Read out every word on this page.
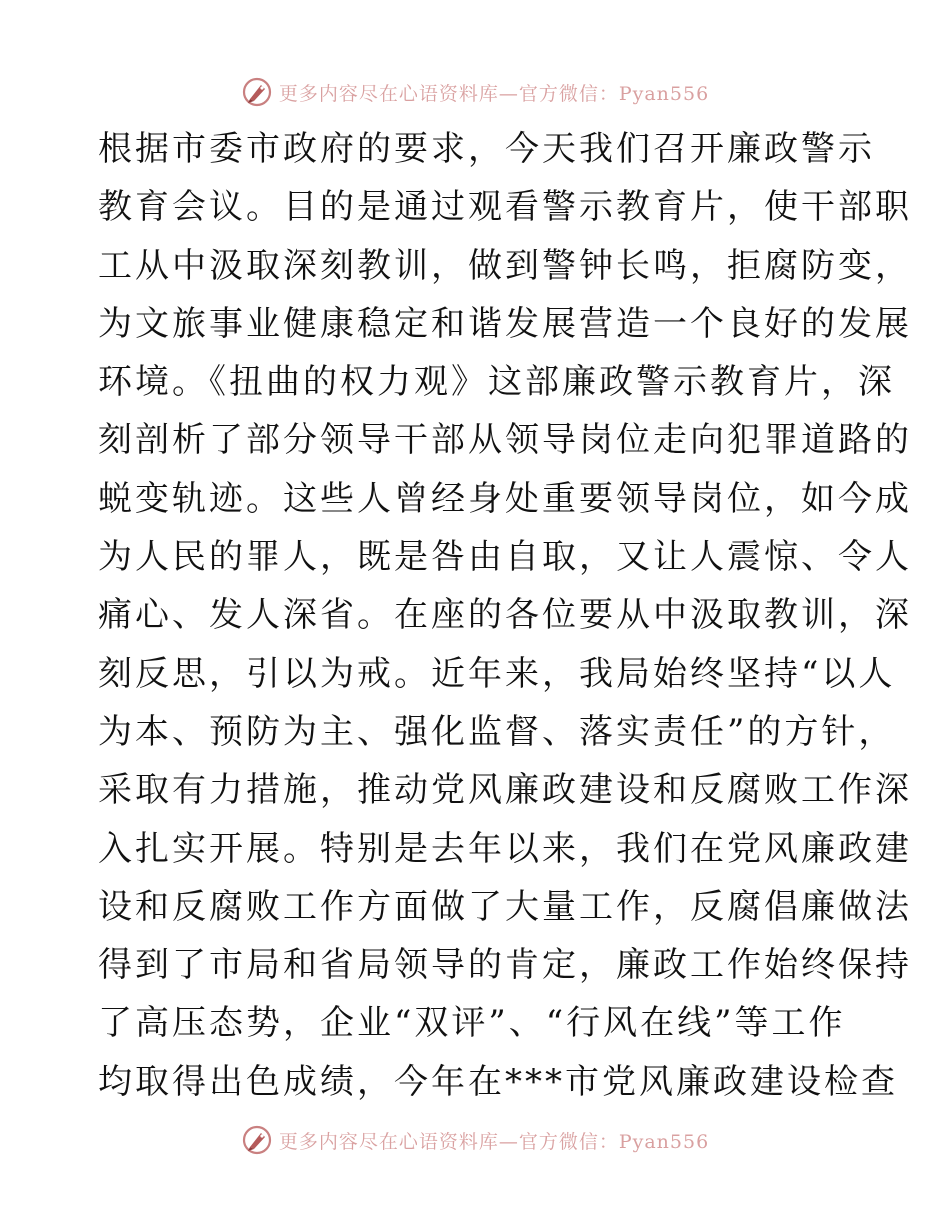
更多内容尽在心语资料库—官方微信：Pyan556
根据市委市政府的要求，今天我们召开廉政警示
教育会议。目的是通过观看警示教育片，使干部职
工从中汲取深刻教训，做到警钟长鸣，拒腐防变，
为文旅事业健康稳定和谐发展营造一个良好的发展
环境。《扭曲的权力观》这部廉政警示教育片，深
刻剖析了部分领导干部从领导岗位走向犯罪道路的
蜕变轨迹。这些人曾经身处重要领导岗位，如今成
为人民的罪人，既是咎由自取，又让人震惊、令人
痛心、发人深省。在座的各位要从中汲取教训，深
刻反思，引以为戒。近年来，我局始终坚持“以人
为本、预防为主、强化监督、落实责任”的方针，
采取有力措施，推动党风廉政建设和反腐败工作深
入扎实开展。特别是去年以来，我们在党风廉政建
设和反腐败工作方面做了大量工作，反腐倡廉做法
得到了市局和省局领导的肯定，廉政工作始终保持
了高压态势，企业“双评”、“行风在线”等工作
均取得出色成绩，今年在***市党风廉政建设检查
更多内容尽在心语资料库—官方微信：Pyan556
